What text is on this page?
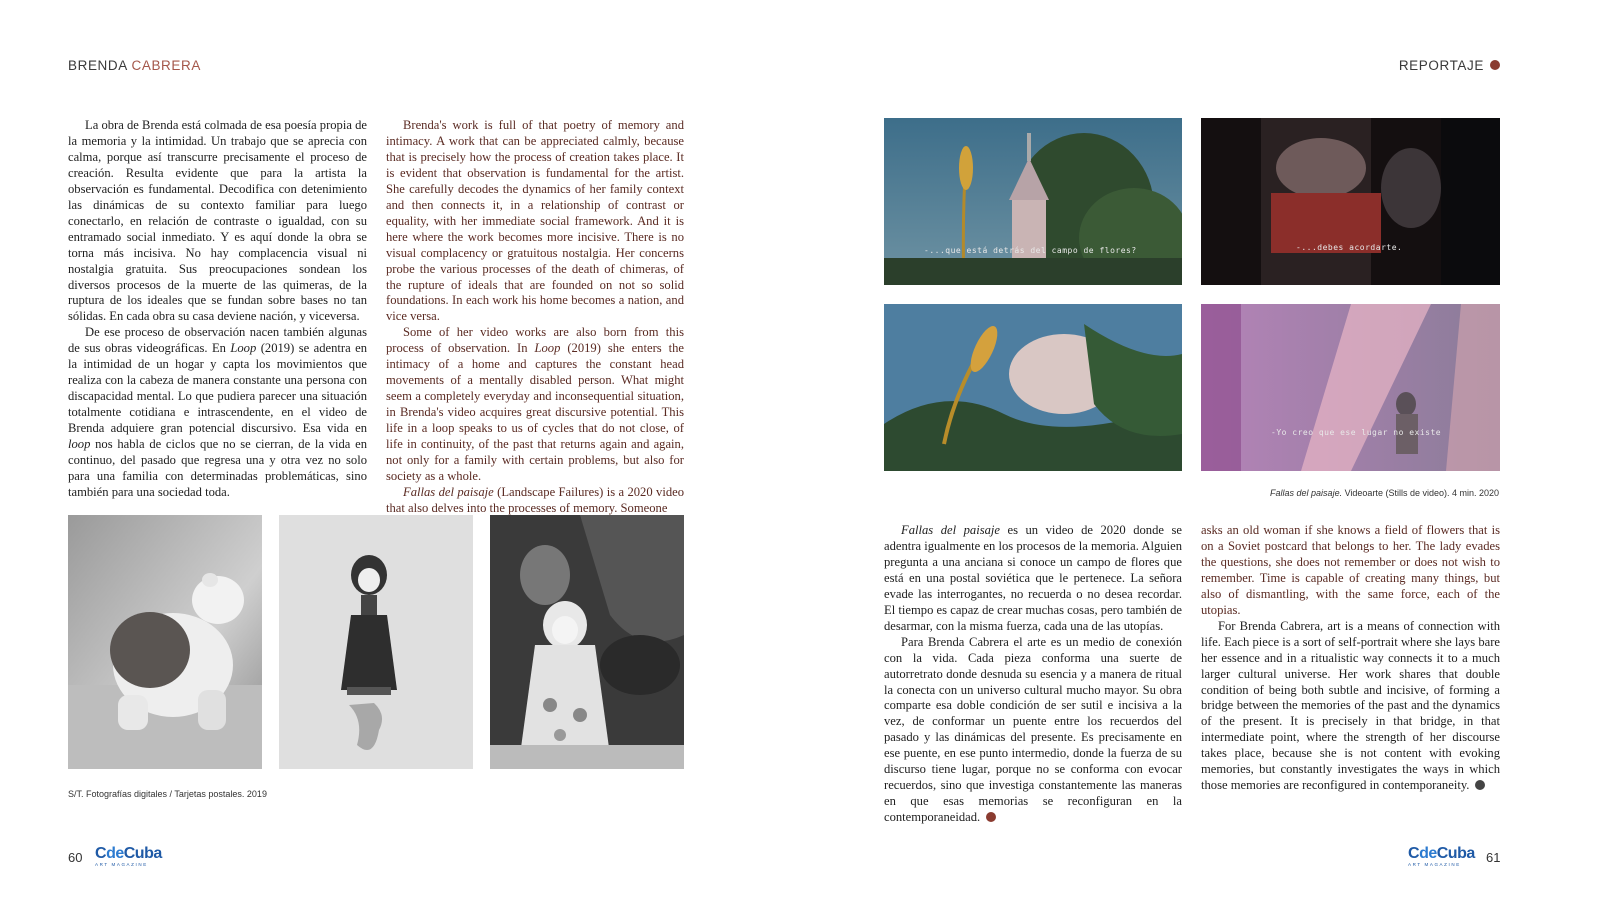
BRENDA CABRERA	REPORTAJE

La obra de Brenda está colmada de esa poesía propia de la memoria y la intimidad. Un trabajo que se aprecia con calma, porque así transcurre precisamente el proceso de creación. Resulta evidente que para la artista la observación es fundamental. Decodifica con detenimiento las dinámicas de su contexto familiar para luego conectarlo, en relación de contraste o igualdad, con su entramado social inmediato. Y es aquí donde la obra se torna más incisiva. No hay complacencia visual ni nostalgia gratuita. Sus preocupaciones sondean los diversos procesos de la muerte de las quimeras, de la ruptura de los ideales que se fundan sobre bases no tan sólidas. En cada obra su casa deviene nación, y viceversa.

De ese proceso de observación nacen también algunas de sus obras videográficas. En Loop (2019) se adentra en la intimidad de un hogar y capta los movimientos que realiza con la cabeza de manera constante una persona con discapacidad mental. Lo que pudiera parecer una situación totalmente cotidiana e intrascendente, en el video de Brenda adquiere gran potencial discursivo. Esa vida en loop nos habla de ciclos que no se cierran, de la vida en continuo, del pasado que regresa una y otra vez no solo para una familia con determinadas problemáticas, sino también para una sociedad toda.

Brenda's work is full of that poetry of memory and intimacy. A work that can be appreciated calmly, because that is precisely how the process of creation takes place. It is evident that observation is fundamental for the artist. She carefully decodes the dynamics of her family context and then connects it, in a relationship of contrast or equality, with her immediate social framework. And it is here where the work becomes more incisive. There is no visual complacency or gratuitous nostalgia. Her concerns probe the various processes of the death of chimeras, of the rupture of ideals that are founded on not so solid foundations. In each work his home becomes a nation, and vice versa.

Some of her video works are also born from this process of observation. In Loop (2019) she enters the intimacy of a home and captures the constant head movements of a mentally disabled person. What might seem a completely everyday and inconsequential situation, in Brenda's video acquires great discursive potential. This life in a loop speaks to us of cycles that do not close, of life in continuity, of the past that returns again and again, not only for a family with certain problems, but also for society as a whole.

Fallas del paisaje (Landscape Failures) is a 2020 video that also delves into the processes of memory. Someone

S/T. Fotografías digitales / Tarjetas postales. 2019
60 CdeCuba
ART MAGAZINE
-...que está detrás del campo de flores?	-...debes acordarte.
-Yo creo que ese lugar no existe
Fallas del paisaje. Videoarte (Stills de video). 4 min. 2020

Fallas del paisaje es un video de 2020 donde se adentra igualmente en los procesos de la memoria. Alguien pregunta a una anciana si conoce un campo de flores que está en una postal soviética que le pertenece. La señora evade las interrogantes, no recuerda o no desea recordar. El tiempo es capaz de crear muchas cosas, pero también de desarmar, con la misma fuerza, cada una de las utopías.

Para Brenda Cabrera el arte es un medio de conexión con la vida. Cada pieza conforma una suerte de autorretrato donde desnuda su esencia y a manera de ritual la conecta con un universo cultural mucho mayor. Su obra comparte esa doble condición de ser sutil e incisiva a la vez, de conformar un puente entre los recuerdos del pasado y las dinámicas del presente. Es precisamente en ese puente, en ese punto intermedio, donde la fuerza de su discurso tiene lugar, porque no se conforma con evocar recuerdos, sino que investiga constantemente las maneras en que esas memorias se reconfiguran en la contemporaneidad.

asks an old woman if she knows a field of flowers that is on a Soviet postcard that belongs to her. The lady evades the questions, she does not remember or does not wish to remember. Time is capable of creating many things, but also of dismantling, with the same force, each of the utopias.

For Brenda Cabrera, art is a means of connection with life. Each piece is a sort of self-portrait where she lays bare her essence and in a ritualistic way connects it to a much larger cultural universe. Her work shares that double condition of being both subtle and incisive, of forming a bridge between the memories of the past and the dynamics of the present. It is precisely in that bridge, in that intermediate point, where the strength of her discourse takes place, because she is not content with evoking memories, but constantly investigates the ways in which those memories are reconfigured in contemporaneity.

CdeCuba
ART MAGAZINE	61
